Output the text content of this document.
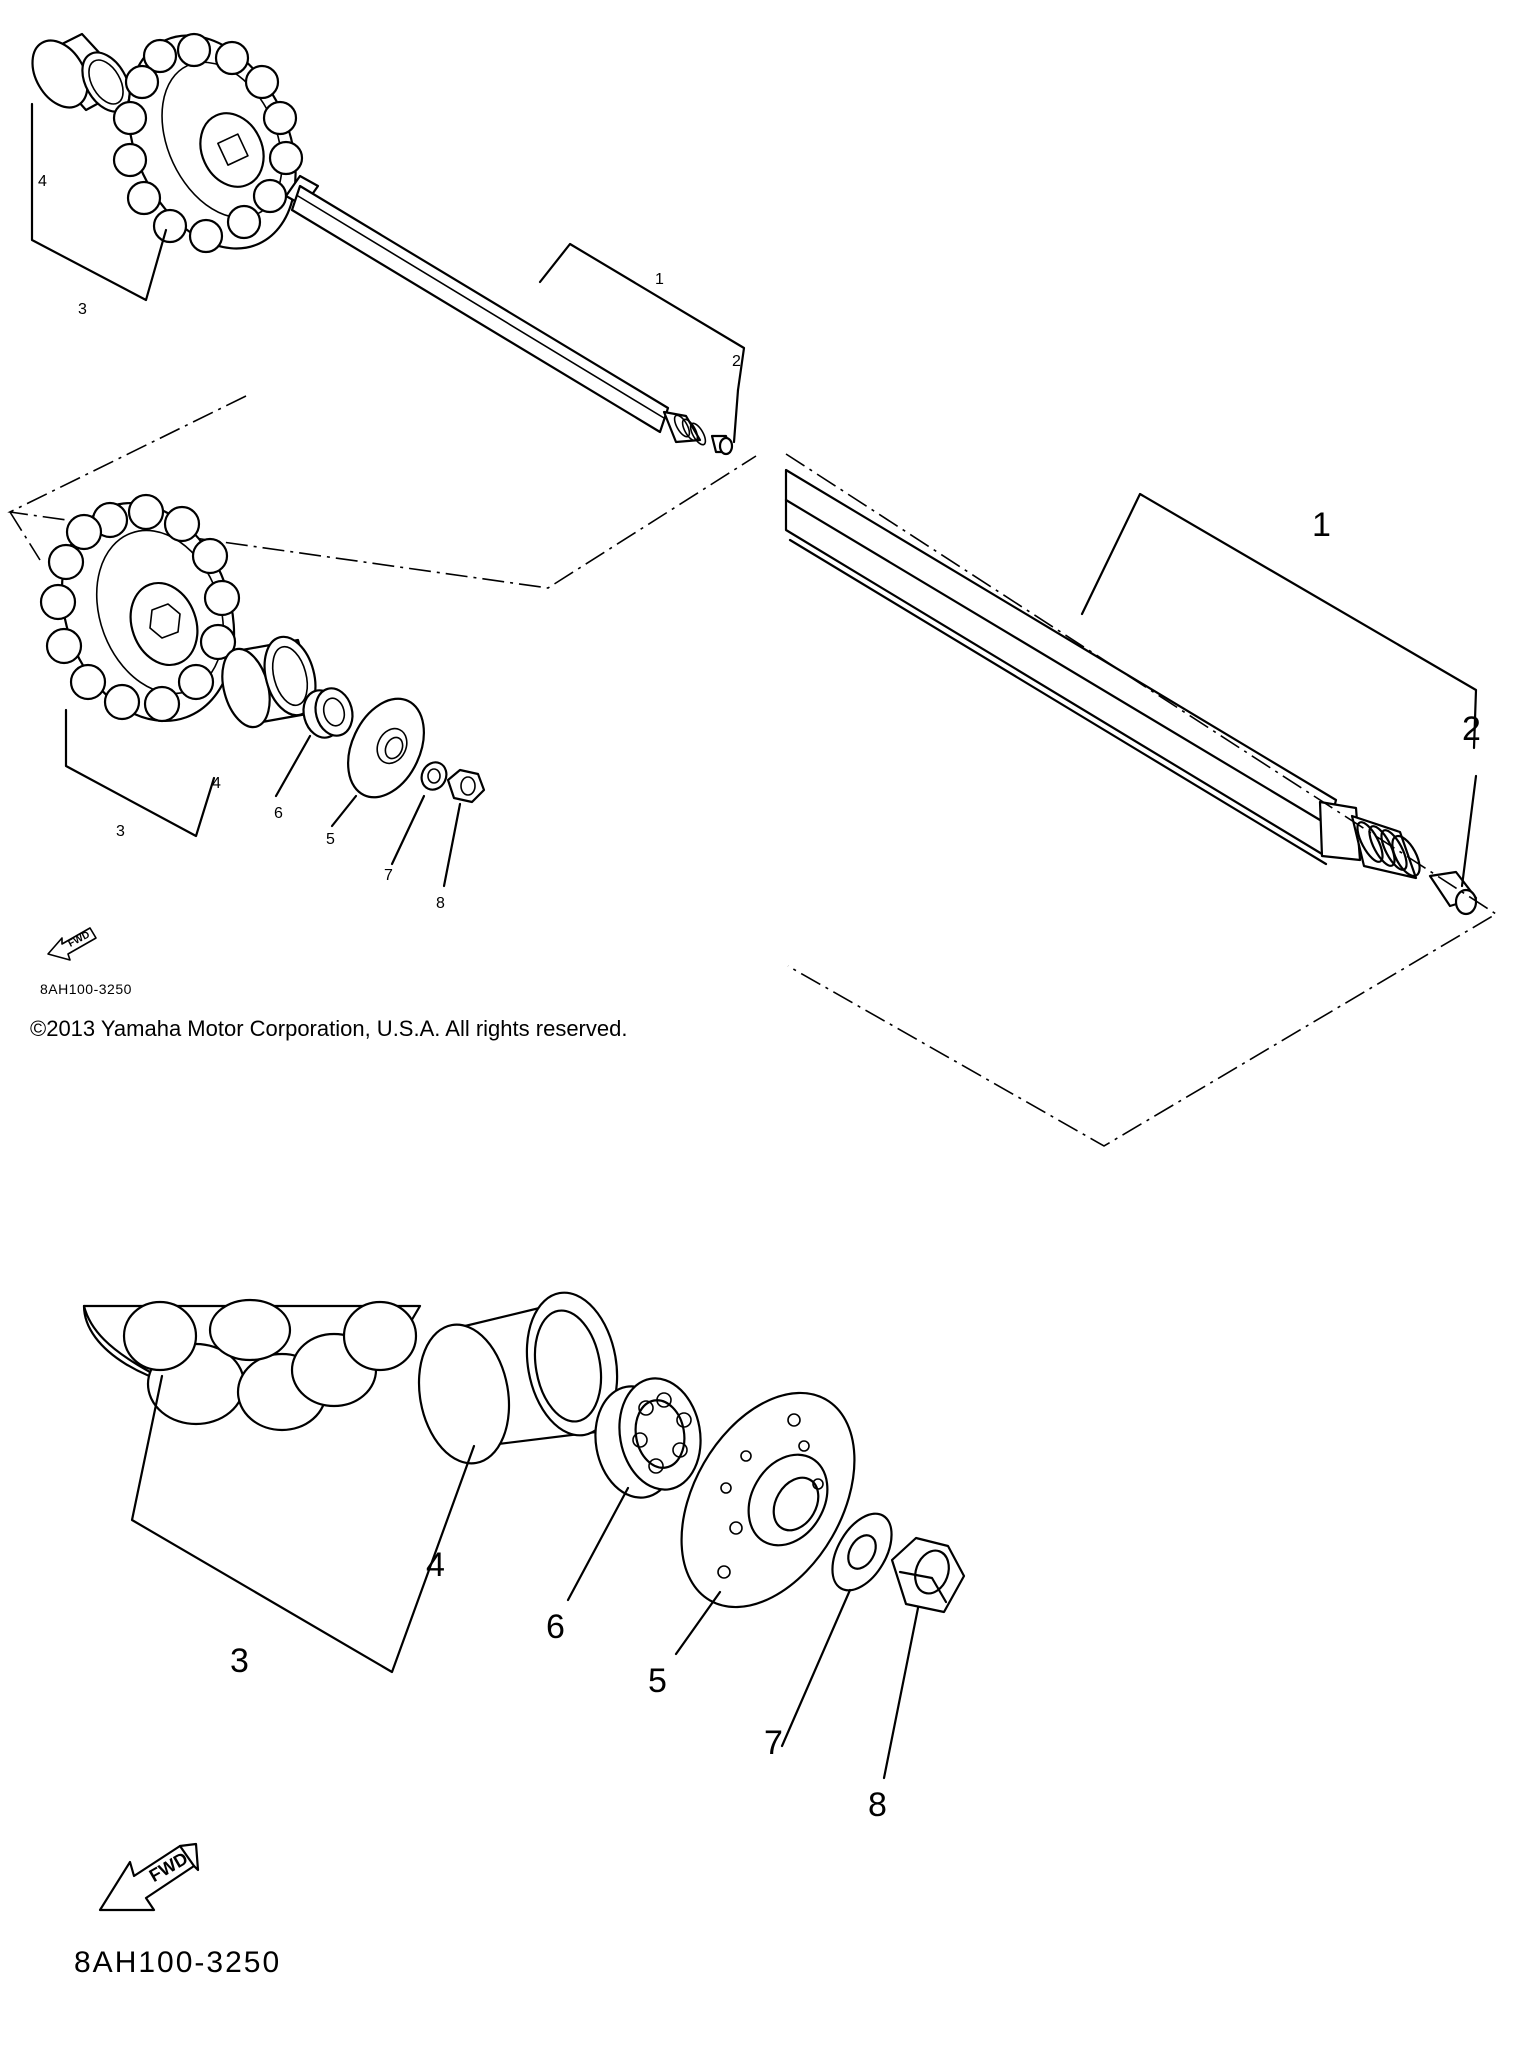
1
2
3
4
3
4
5
6
7
8
FWD
8AH100-3250
©2013 Yamaha Motor Corporation, U.S.A. All rights reserved.
1
2
3
4
5
6
7
8
FWD
8AH100-3250
